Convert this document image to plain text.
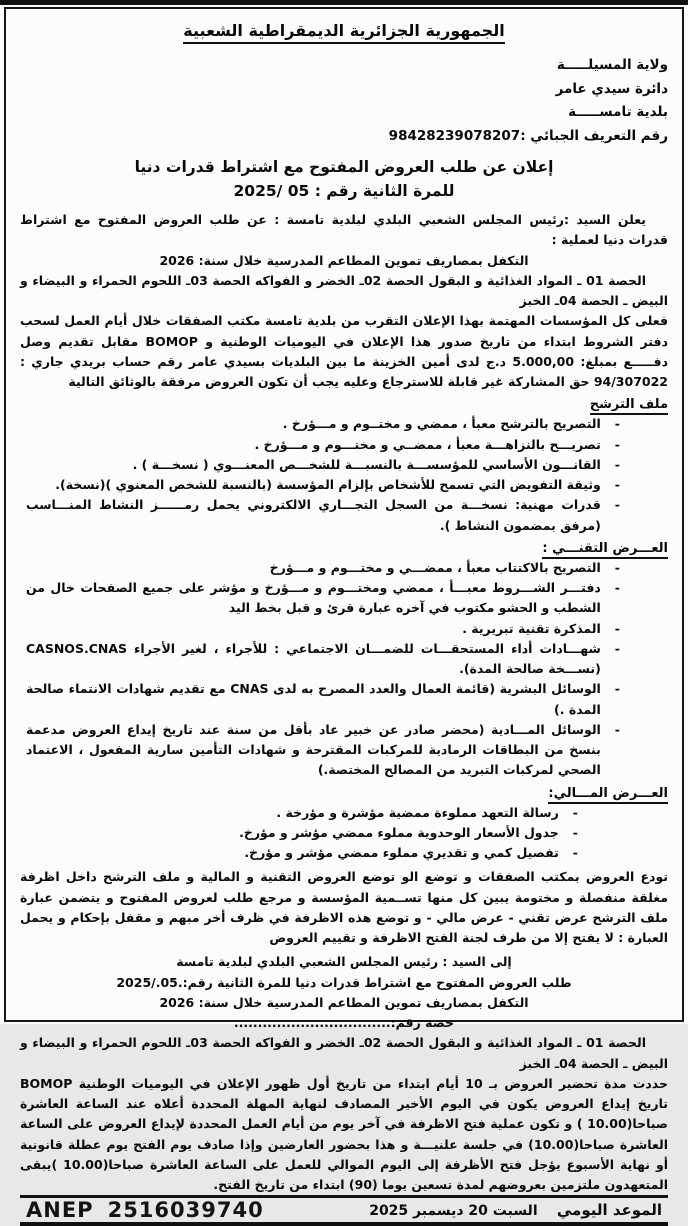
الجمهورية الجزائرية الديمقراطية الشعبية
ولاية المسيلـــــة
دائرة سيدي عامر
بلدية تامســـــة
رقم التعريف الجبائي :98428239078207
إعلان عن طلب العروض المفتوح مع اشتراط قدرات دنيا
للمرة الثانية رقم : 05 /2025
يعلن السيد :رئيس المجلس الشعبي البلدي لبلدية تامسة : عن طلب العروض المفتوح مع اشتراط قدرات دنيا لعملية :
التكفل بمصاريف تموين المطاعم المدرسية خلال سنة: 2026
الحصة 01 ـ المواد الغذائية و البقول الحصة 02ـ الخضر و الفواكه الحصة 03ـ اللحوم الحمراء و البيضاء و البيض ـ الحصة 04ـ الخبز
فعلى كل المؤسسات المهتمة بهذا الإعلان التقرب من بلدية تامسة مكتب الصفقات خلال أيام العمل لسحب دفتر الشروط ابتداء من تاريخ صدور هذا الإعلان في اليوميات الوطنية و BOMOP مقابل تقديم وصل دفـــــع بمبلغ: 5.000,00 د.ج لدى أمين الخزينة ما بين البلديات بسيدي عامر رقم حساب بريدي جاري : 94/307022 حق المشاركة غير قابلة للاسترجاع وعليه يجب أن تكون العروض مرفقة بالوثائق التالية
ملف الترشح
- التصريح بالترشح معبأ ، ممضي و مختــوم و مـــؤرخ .
- تصريـــح بالنزاهـــة معبأ ، ممضــي و مختـــوم و مـــؤرخ .
- القانـــون الأساسي للمؤسســـة بالنسبـــة للشخـــص المعنـــوي ( نسخـــة ) .
- وثيقة التفويض التي تسمح للأشخاص بإلزام المؤسسة (بالنسبة للشخص المعنوي )(نسخة).
- قدرات مهنية: نسخـــة من السجل التجـــاري الالكتروني يحمل رمــــــز النشاط المنـــاسب (مرفق بمضمون النشاط ).
العـــرض التقنـــي :
- التصريح بالاكتتاب معبأ ، ممضـــي و مختـــوم و مـــؤرخ
- دفتـــر الشـــروط معبـــأ ، ممضي ومختـــوم و مـــؤرخ و مؤشر على جميع الصفحات خال من الشطب و الحشو مكتوب في آخره عبارة قرئ و قبل بخط اليد
- المذكرة تقنية تبريرية .
- شهـــادات أداء المستحقـــات للضمـــان الاجتماعي : للأجراء ، لغير الأجراء CASNOS.CNAS (نســـخة صالحة المدة).
- الوسائل البشرية (قائمة العمال والعدد المصرح به لدى CNAS مع تقديم شهادات الانتماء صالحة المدة .)
- الوسائل المـــادية (محضر صادر عن خبير عاد بأقل من سنة عند تاريخ إيداع العروض مدعمة بنسخ من البطاقات الرمادية للمركبات المقترحة و شهادات التأمين سارية المفعول ، الاعتماد الصحي لمركبات التبريد من المصالح المختصة.)
العـــرض المـــالي:
- رسالة التعهد مملوءة ممضية مؤشرة و مؤرخة .
- جدول الأسعار الوحدوية مملوء ممضي مؤشر و مؤرخ.
- تفصيل كمي و تقديري مملوء ممضي مؤشر و مؤرخ.
تودع العروض بمكتب الصفقات و توضع الو توضع العروض التقنية و المالية و ملف الترشح داخل اظرفة مغلقة منفصلة و مختومة يبين كل منها تســمية المؤسسة و مرجع طلب لعروض المفتوح و يتضمن عبارة ملف الترشح عرض تقني - عرض مالي - و توضع هذه الاظرفة في ظرف أخر مبهم و مقفل بإحكام و يحمل العبارة : لا يفتح إلا من طرف لجنة الفتح الاظرفة و تقييم العروض
إلى السيد : رئيس المجلس الشعبي البلدي لبلدية تامسة
طلب العروض المفتوح مع اشتراط قدرات دنيا للمرة الثانية رقم:.05./2025
التكفل بمصاريف تموين المطاعم المدرسية خلال سنة: 2026
حصة رقم:.................................
الحصة 01 ـ المواد الغذائية و البقول الحصة 02ـ الخضر و الفواكه الحصة 03ـ اللحوم الحمراء و البيضاء و البيض ـ الحصة 04ـ الخبز
حددت مدة تحضير العروض بـ 10 أيام ابتداء من تاريخ أول ظهور الإعلان في اليوميات الوطنية BOMOP تاريخ إيداع العروض يكون في اليوم الأخير المصادف لنهاية المهلة المحددة أعلاه عند الساعة العاشرة صباحا(10.00 ) و تكون عملية فتح الاظرفة في آخر يوم من أيام العمل المحددة لإيداع العروض على الساعة العاشرة صباحا(10.00) في جلسة علنيـــة و هذا بحضور العارضين وإذا صادف يوم الفتح يوم عطلة قانونية أو نهاية الأسبوع يؤجل فتح الأظرفة إلى اليوم الموالي للعمل على الساعة العاشرة صباحا(10.00 )يبقى المتعهدون ملتزمين بعروضهم لمدة تسعين يوما (90) ابتداء من تاريخ الفتح.
الموعد اليومي السبت 20 ديسمبر 2025
ANEP 2516039740
